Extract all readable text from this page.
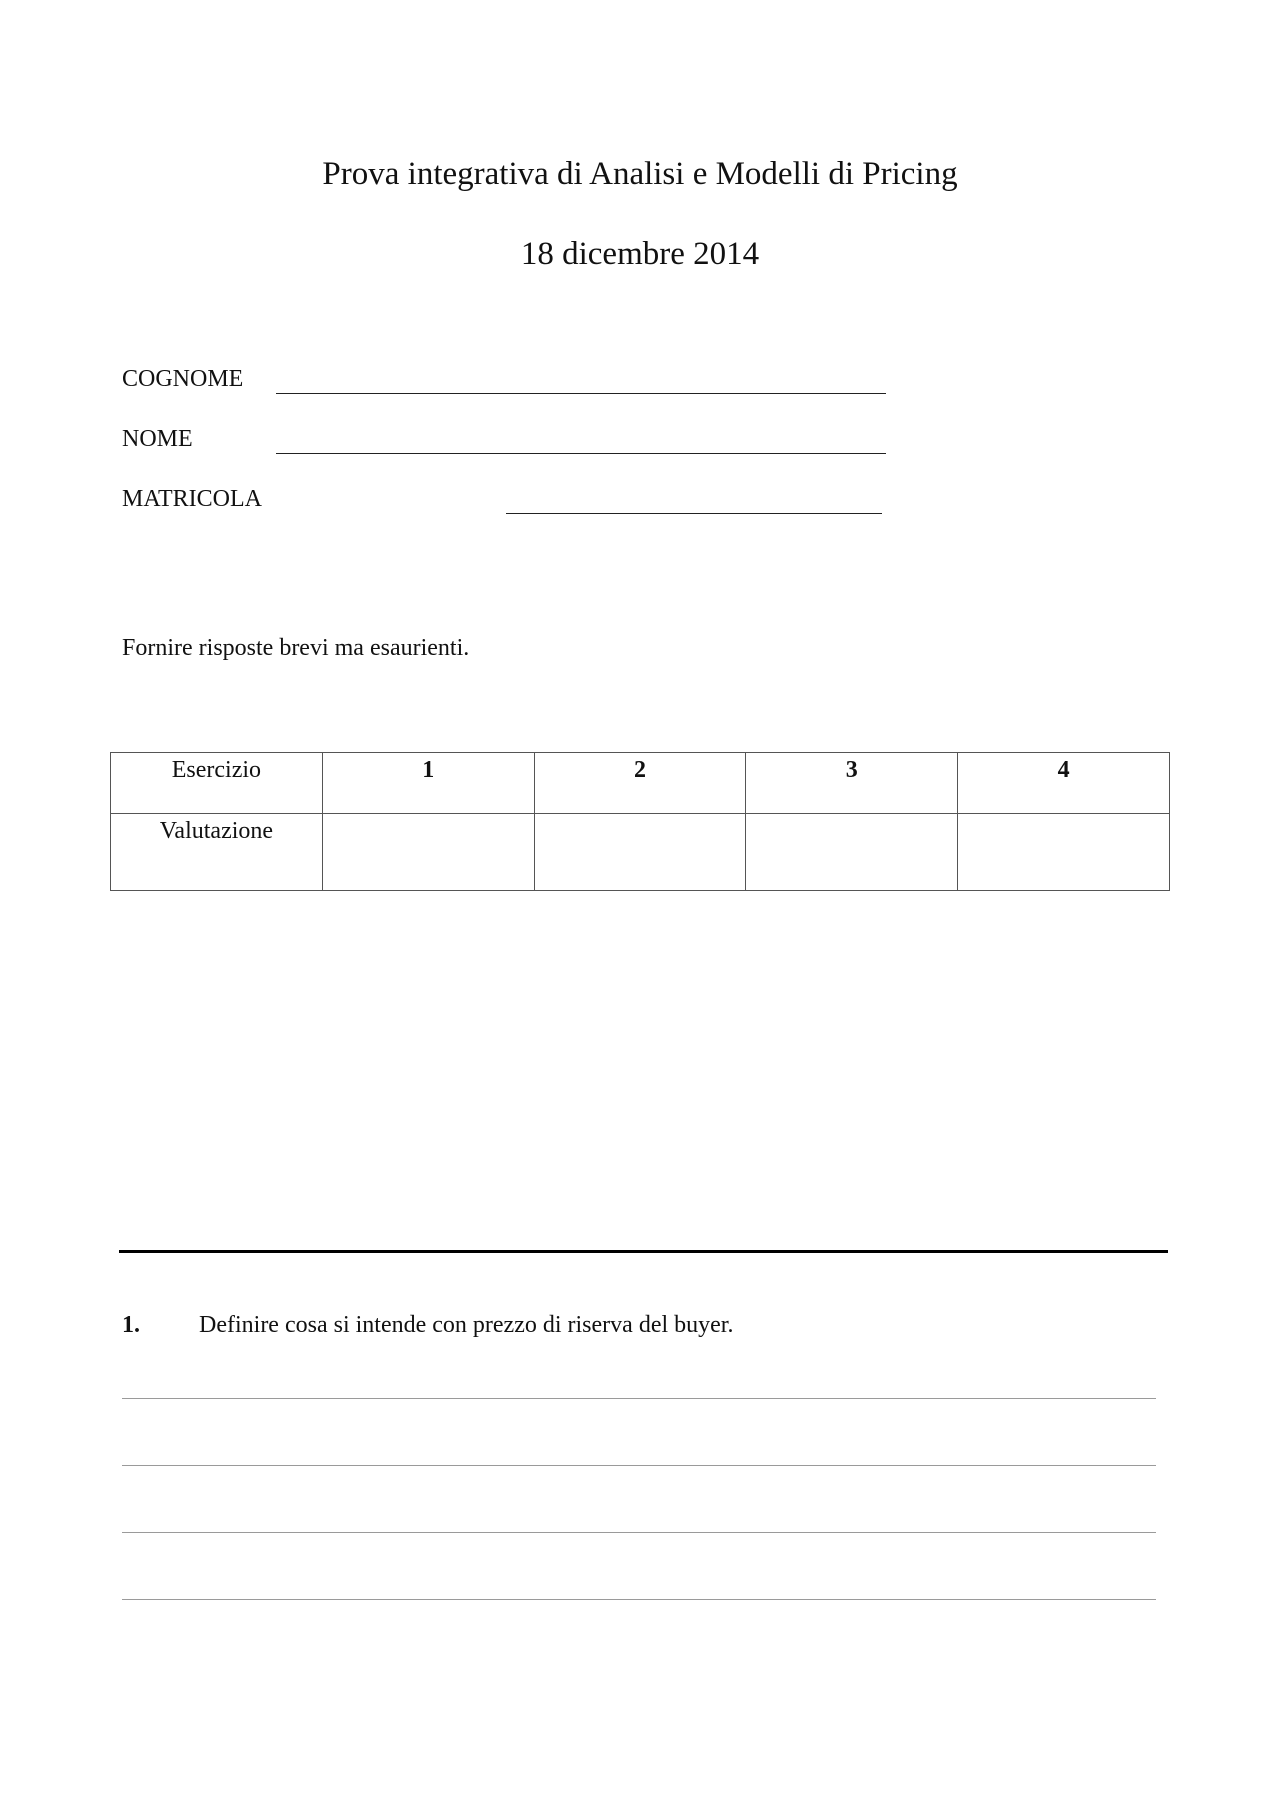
Prova integrativa di Analisi e Modelli di Pricing
18 dicembre 2014
COGNOME
NOME
MATRICOLA
Fornire risposte brevi ma esaurienti.
Esercizio	1	2	3	4
Valutazione				
1. Definire cosa si intende con prezzo di riserva del buyer.
